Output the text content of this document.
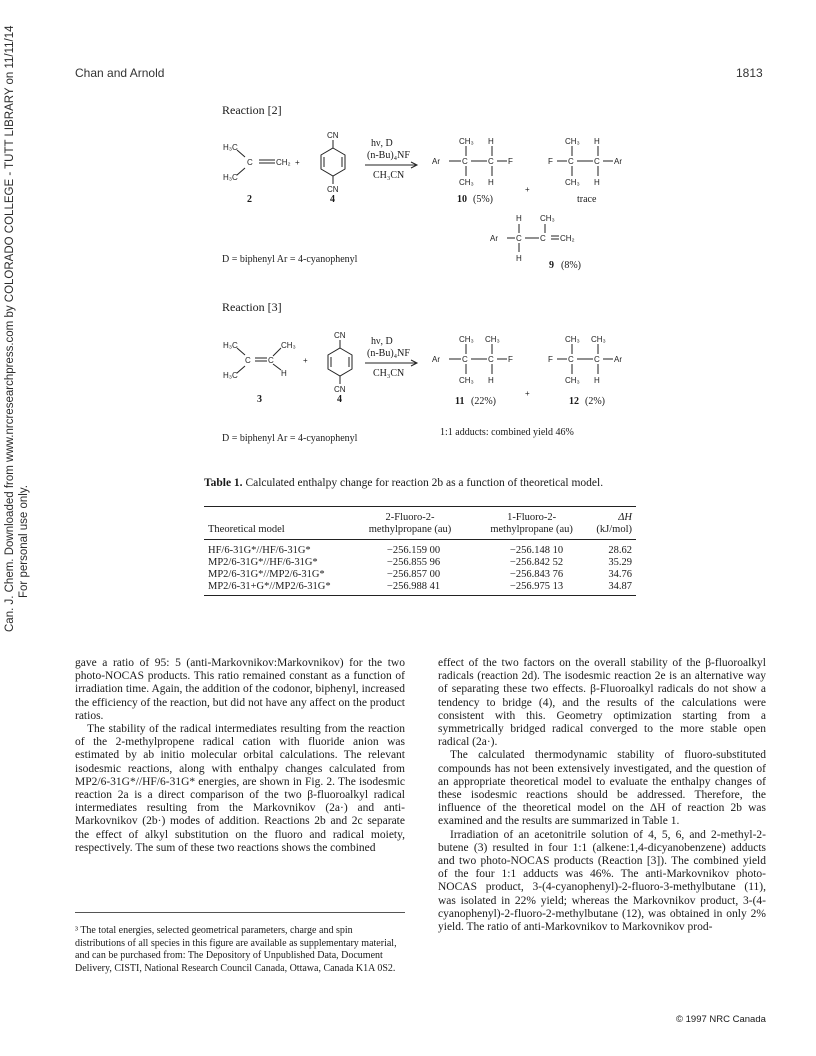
Chan and Arnold	1813
Can. J. Chem. Downloaded from www.nrcresearchpress.com by COLORADO COLLEGE - TUTT LIBRARY on 11/11/14 For personal use only.
Reaction [2]
H₃C
H₃C
C	CH₂ +
CN
CN
Ar	C	C F
CH₃ H
CH₃ H
+
F C	C Ar
CH₃ H
CH₃ H
Ar C C CH₂
H CH₃
H
hν, D
(n-Bu)₄NF
CH₃CN
2	4	10 (5%)	trace
9 (8%)
D = biphenyl Ar = 4-cyanophenyl
Reaction [3]
H₃C
H₃C
C C
CH₃
H
+
CN
CN
Ar	C	C F
CH₃ CH₃
CH₃ H
+
F C	C Ar
CH₃ CH₃
CH₃ H
hν, D
(n-Bu)₄NF
CH₃CN
3	4	11 (22%)	12 (2%)
1:1 adducts: combined yield 46%
D = biphenyl Ar = 4-cyanophenyl
Table 1. Calculated enthalpy change for reaction 2b as a function of theoretical model.
	2-Fluoro-2-	1-Fluoro-2-	ΔH
Theoretical model	methylpropane (au)	methylpropane (au)	(kJ/mol)
HF/6-31G*//HF/6-31G*	−256.159 00	−256.148 10	28.62
MP2/6-31G*//HF/6-31G*	−256.855 96	−256.842 52	35.29
MP2/6-31G*//MP2/6-31G*	−256.857 00	−256.843 76	34.76
MP2/6-31+G*//MP2/6-31G*	−256.988 41	−256.975 13	34.87

gave a ratio of 95: 5 (anti-Markovnikov:Markovnikov) for the two photo-NOCAS products. This ratio remained constant as a function of irradiation time. Again, the addition of the codonor, biphenyl, increased the efficiency of the reaction, but did not have any affect on the product ratios.

The stability of the radical intermediates resulting from the reaction of the 2-methylpropene radical cation with fluoride anion was estimated by ab initio molecular orbital calculations. The relevant isodesmic reactions, along with enthalpy changes calculated from MP2/6-31G*//HF/6-31G* energies, are shown in Fig. 2. The isodesmic reaction 2a is a direct comparison of the two β-fluoroalkyl radical intermediates resulting from the Markovnikov (2a·) and anti-Markovnikov (2b·) modes of addition. Reactions 2b and 2c separate the effect of alkyl substitution on the fluoro and radical moiety, respectively. The sum of these two reactions shows the combined

³ The total energies, selected geometrical parameters, charge and spin distributions of all species in this figure are available as supplementary material, and can be purchased from: The Depository of Unpublished Data, Document Delivery, CISTI, National Research Council Canada, Ottawa, Canada K1A 0S2.

effect of the two factors on the overall stability of the β-fluoroalkyl radicals (reaction 2d). The isodesmic reaction 2e is an alternative way of separating these two effects. β-Fluoroalkyl radicals do not show a tendency to bridge (4), and the results of the calculations were consistent with this. Geometry optimization starting from a symmetrically bridged radical converged to the more stable open radical (2a·).

The calculated thermodynamic stability of fluoro-substituted compounds has not been extensively investigated, and the question of an appropriate theoretical model to evaluate the enthalpy changes of these isodesmic reactions should be addressed. Therefore, the influence of the theoretical model on the ΔH of reaction 2b was examined and the results are summarized in Table 1.

Irradiation of an acetonitrile solution of 4, 5, 6, and 2-methyl-2-butene (3) resulted in four 1:1 (alkene:1,4-dicyanobenzene) adducts and two photo-NOCAS products (Reaction [3]). The combined yield of the four 1:1 adducts was 46%. The anti-Markovnikov photo-NOCAS product, 3-(4-cyanophenyl)-2-fluoro-3-methylbutane (11), was isolated in 22% yield; whereas the Markovnikov product, 3-(4-cyanophenyl)-2-fluoro-2-methylbutane (12), was obtained in only 2% yield. The ratio of anti-Markovnikov to Markovnikov prod-

© 1997 NRC Canada
